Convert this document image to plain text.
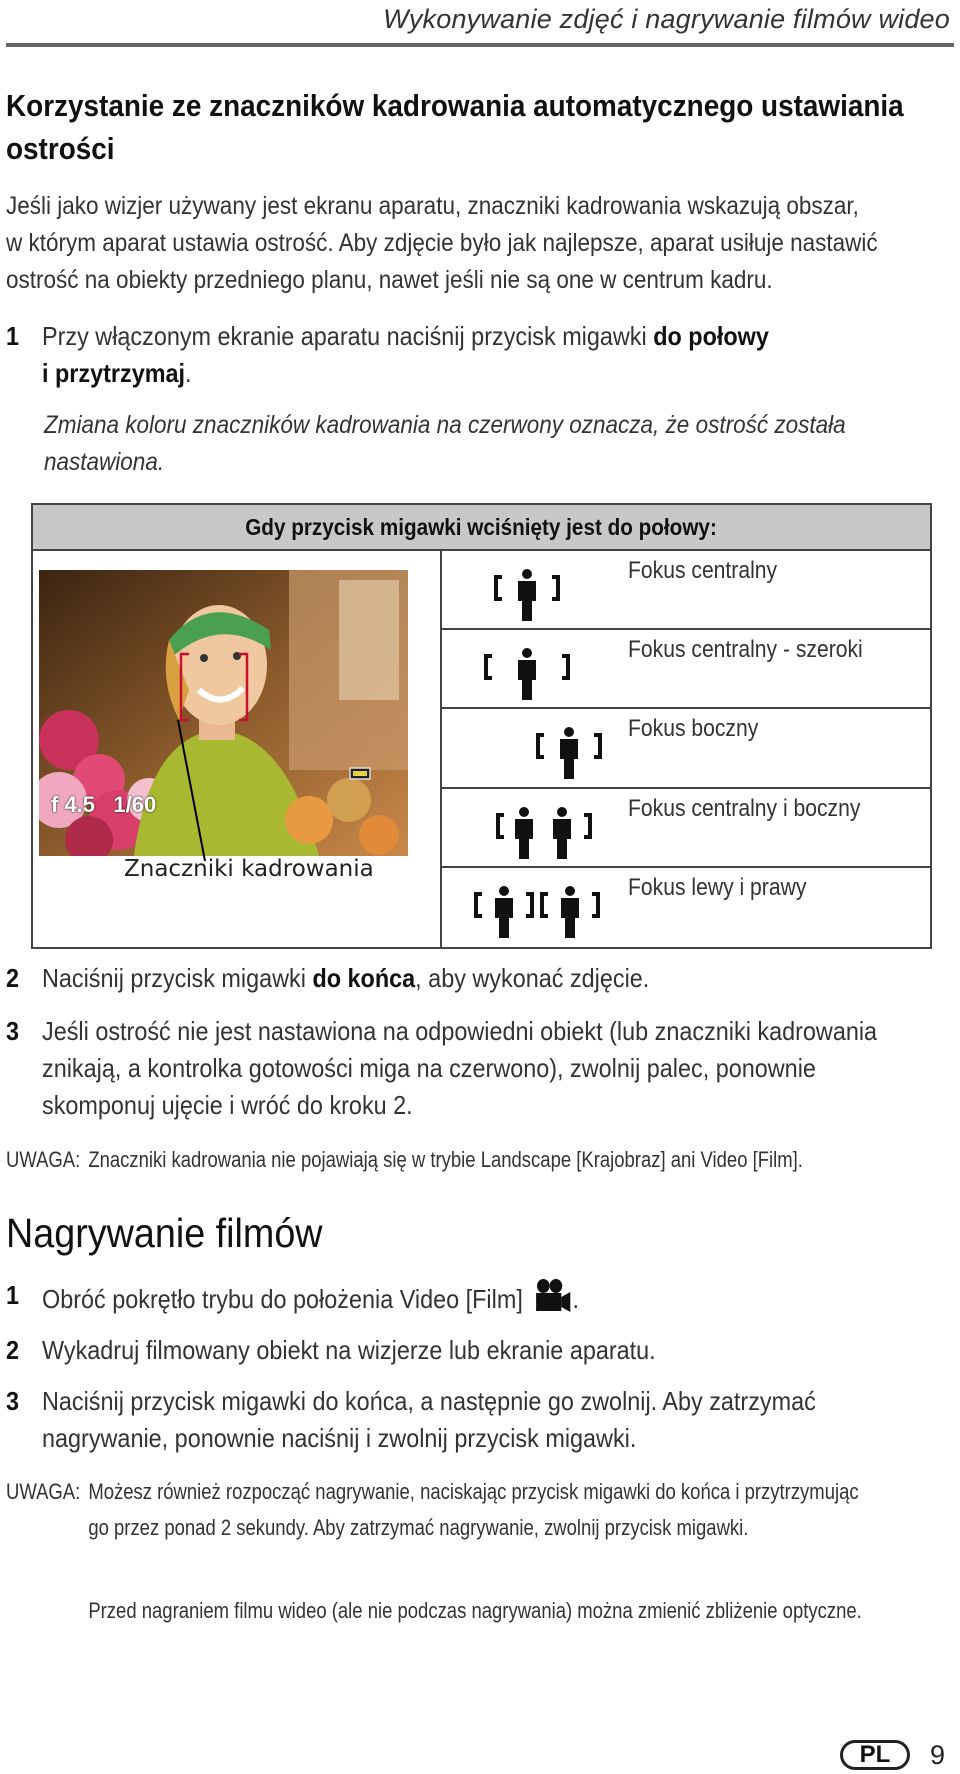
Wykonywanie zdjęć i nagrywanie filmów wideo
Korzystanie ze znaczników kadrowania automatycznego ustawiania
ostrości
Jeśli jako wizjer używany jest ekranu aparatu, znaczniki kadrowania wskazują obszar,
w którym aparat ustawia ostrość. Aby zdjęcie było jak najlepsze, aparat usiłuje nastawić
ostrość na obiekty przedniego planu, nawet jeśli nie są one w centrum kadru.
1 Przy włączonym ekranie aparatu naciśnij przycisk migawki do połowy
i przytrzymaj.
Zmiana koloru znaczników kadrowania na czerwony oznacza, że ostrość została
nastawiona.
Gdy przycisk migawki wciśnięty jest do połowy:
f 4.5   1/60
Znaczniki kadrowania
Fokus centralny
Fokus centralny - szeroki
Fokus boczny
Fokus centralny i boczny
Fokus lewy i prawy
2 Naciśnij przycisk migawki do końca, aby wykonać zdjęcie.
3 Jeśli ostrość nie jest nastawiona na odpowiedni obiekt (lub znaczniki kadrowania
znikają, a kontrolka gotowości miga na czerwono), zwolnij palec, ponownie
skomponuj ujęcie i wróć do kroku 2.
UWAGA: Znaczniki kadrowania nie pojawiają się w trybie Landscape [Krajobraz] ani Video [Film].
Nagrywanie filmów
1 Obróć pokrętło trybu do położenia Video [Film] .
2 Wykadruj filmowany obiekt na wizjerze lub ekranie aparatu.
3 Naciśnij przycisk migawki do końca, a następnie go zwolnij. Aby zatrzymać
nagrywanie, ponownie naciśnij i zwolnij przycisk migawki.
UWAGA: Możesz również rozpocząć nagrywanie, naciskając przycisk migawki do końca i przytrzymując
go przez ponad 2 sekundy. Aby zatrzymać nagrywanie, zwolnij przycisk migawki.
Przed nagraniem filmu wideo (ale nie podczas nagrywania) można zmienić zbliżenie optyczne.
PL 9
